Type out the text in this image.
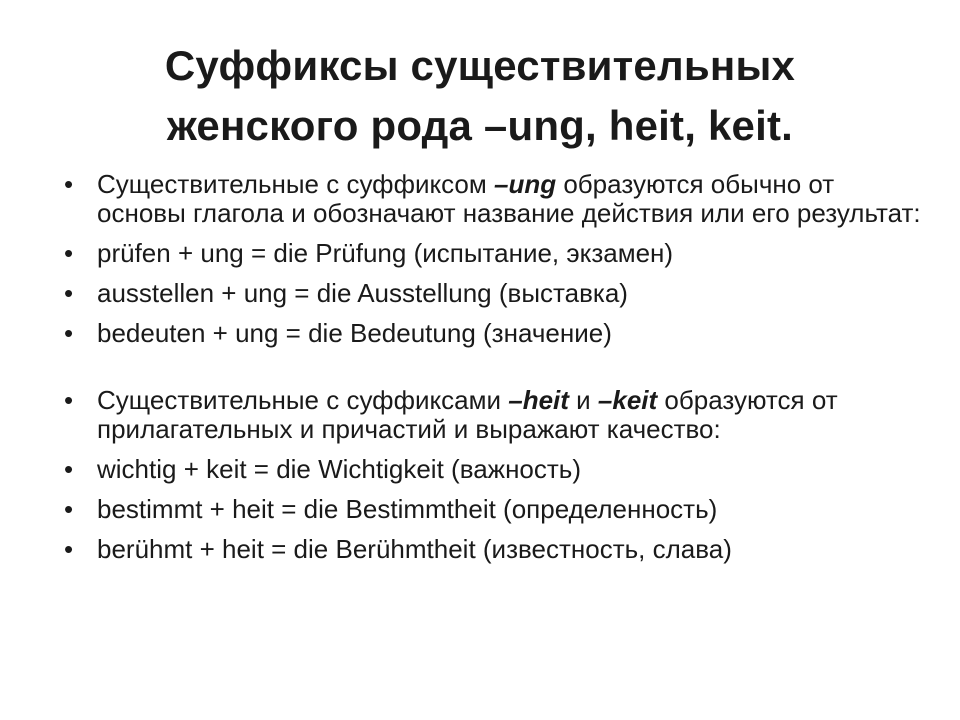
Суффиксы существительных
женского рода –ung, heit, keit.
• Существительные с суффиксом –ung образуются обычно от основы глагола и обозначают название действия или его результат:
• prüfen + ung = die Prüfung (испытание, экзамен)
• ausstellen + ung = die Ausstellung (выставка)
• bedeuten + ung = die Bedeutung (значение)
• Существительные с суффиксами –heit и –keit образуются от прилагательных и причастий и выражают качество:
• wichtig + keit = die Wichtigkeit (важность)
• bestimmt + heit = die Bestimmtheit (определенность)
• berühmt + heit = die Berühmtheit (известность, слава)
